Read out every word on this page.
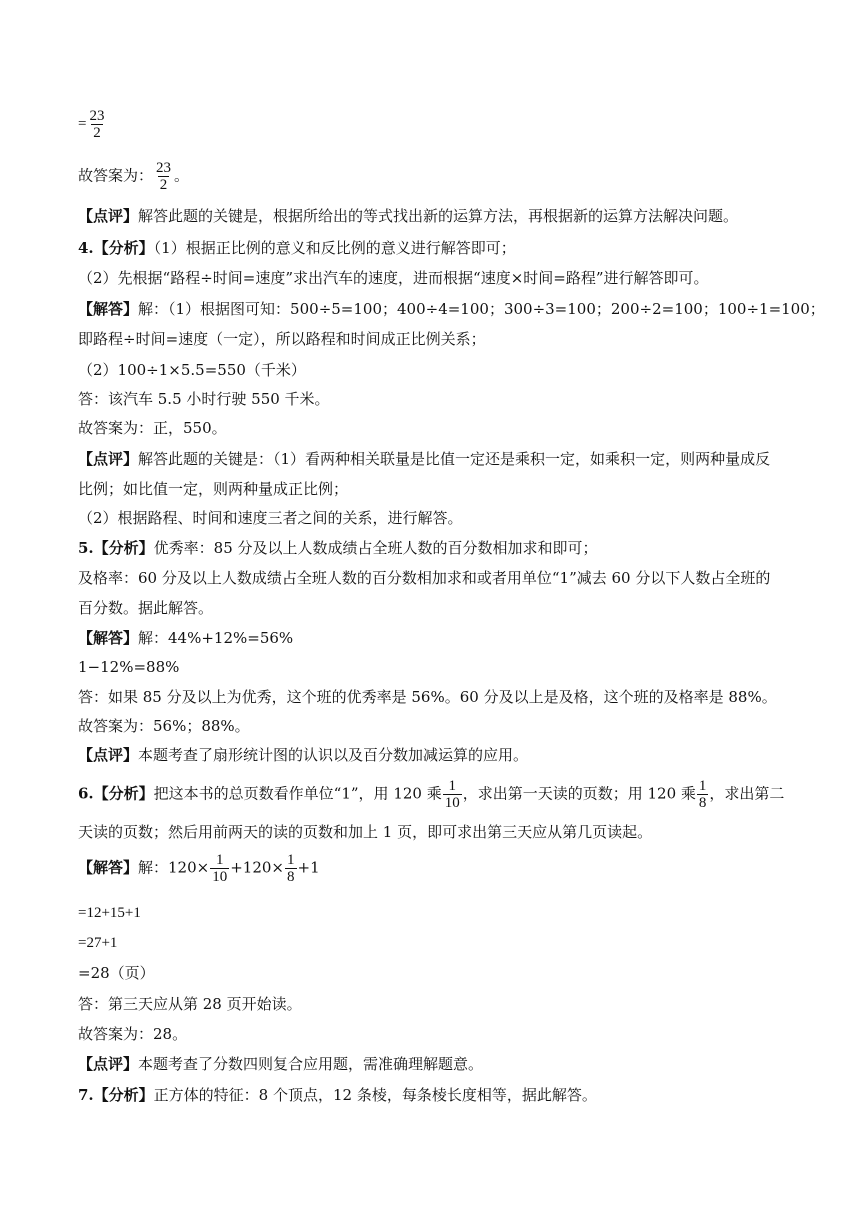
= $\frac{23}{2}$
故答案为： $\frac{23}{2}$ 。
【点评】解答此题的关键是，根据所给出的等式找出新的运算方法，再根据新的运算方法解决问题。
4.【分析】（1）根据正比例的意义和反比例的意义进行解答即可；
（2）先根据“路程÷时间=速度”求出汽车的速度，进而根据“速度×时间=路程”进行解答即可。
【解答】解：（1）根据图可知：500÷5=100；400÷4=100；300÷3=100；200÷2=100；100÷1=100；
即路程÷时间=速度（一定），所以路程和时间成正比例关系；
（2）100÷1×5.5=550（千米）
答：该汽车 5.5 小时行驶 550 千米。
故答案为：正，550。
【点评】解答此题的关键是：（1）看两种相关联量是比值一定还是乘积一定，如乘积一定，则两种量成反
比例；如比值一定，则两种量成正比例；
（2）根据路程、时间和速度三者之间的关系，进行解答。
5.【分析】优秀率：85 分及以上人数成绩占全班人数的百分数相加求和即可；
及格率：60 分及以上人数成绩占全班人数的百分数相加求和或者用单位“1”减去 60 分以下人数占全班的
百分数。据此解答。
【解答】解：44%+12%=56%
1−12%=88%
答：如果 85 分及以上为优秀，这个班的优秀率是 56%。60 分及以上是及格，这个班的及格率是 88%。
故答案为：56%；88%。
【点评】本题考查了扇形统计图的认识以及百分数加减运算的应用。
6.【分析】把这本书的总页数看作单位“1”，用 120 乘 $\frac{1}{10}$ ，求出第一天读的页数；用 120 乘 $\frac{1}{8}$ ，求出第二
天读的页数；然后用前两天的读的页数和加上 1 页，即可求出第三天应从第几页读起。
【解答】解：$120\times \frac{1}{10} +120\times \frac{1}{8} +1$
=12+15+1
=27+1
=28（页）
答：第三天应从第 28 页开始读。
故答案为：28。
【点评】本题考查了分数四则复合应用题，需准确理解题意。
7.【分析】正方体的特征：8 个顶点，12 条棱，每条棱长度相等，据此解答。
